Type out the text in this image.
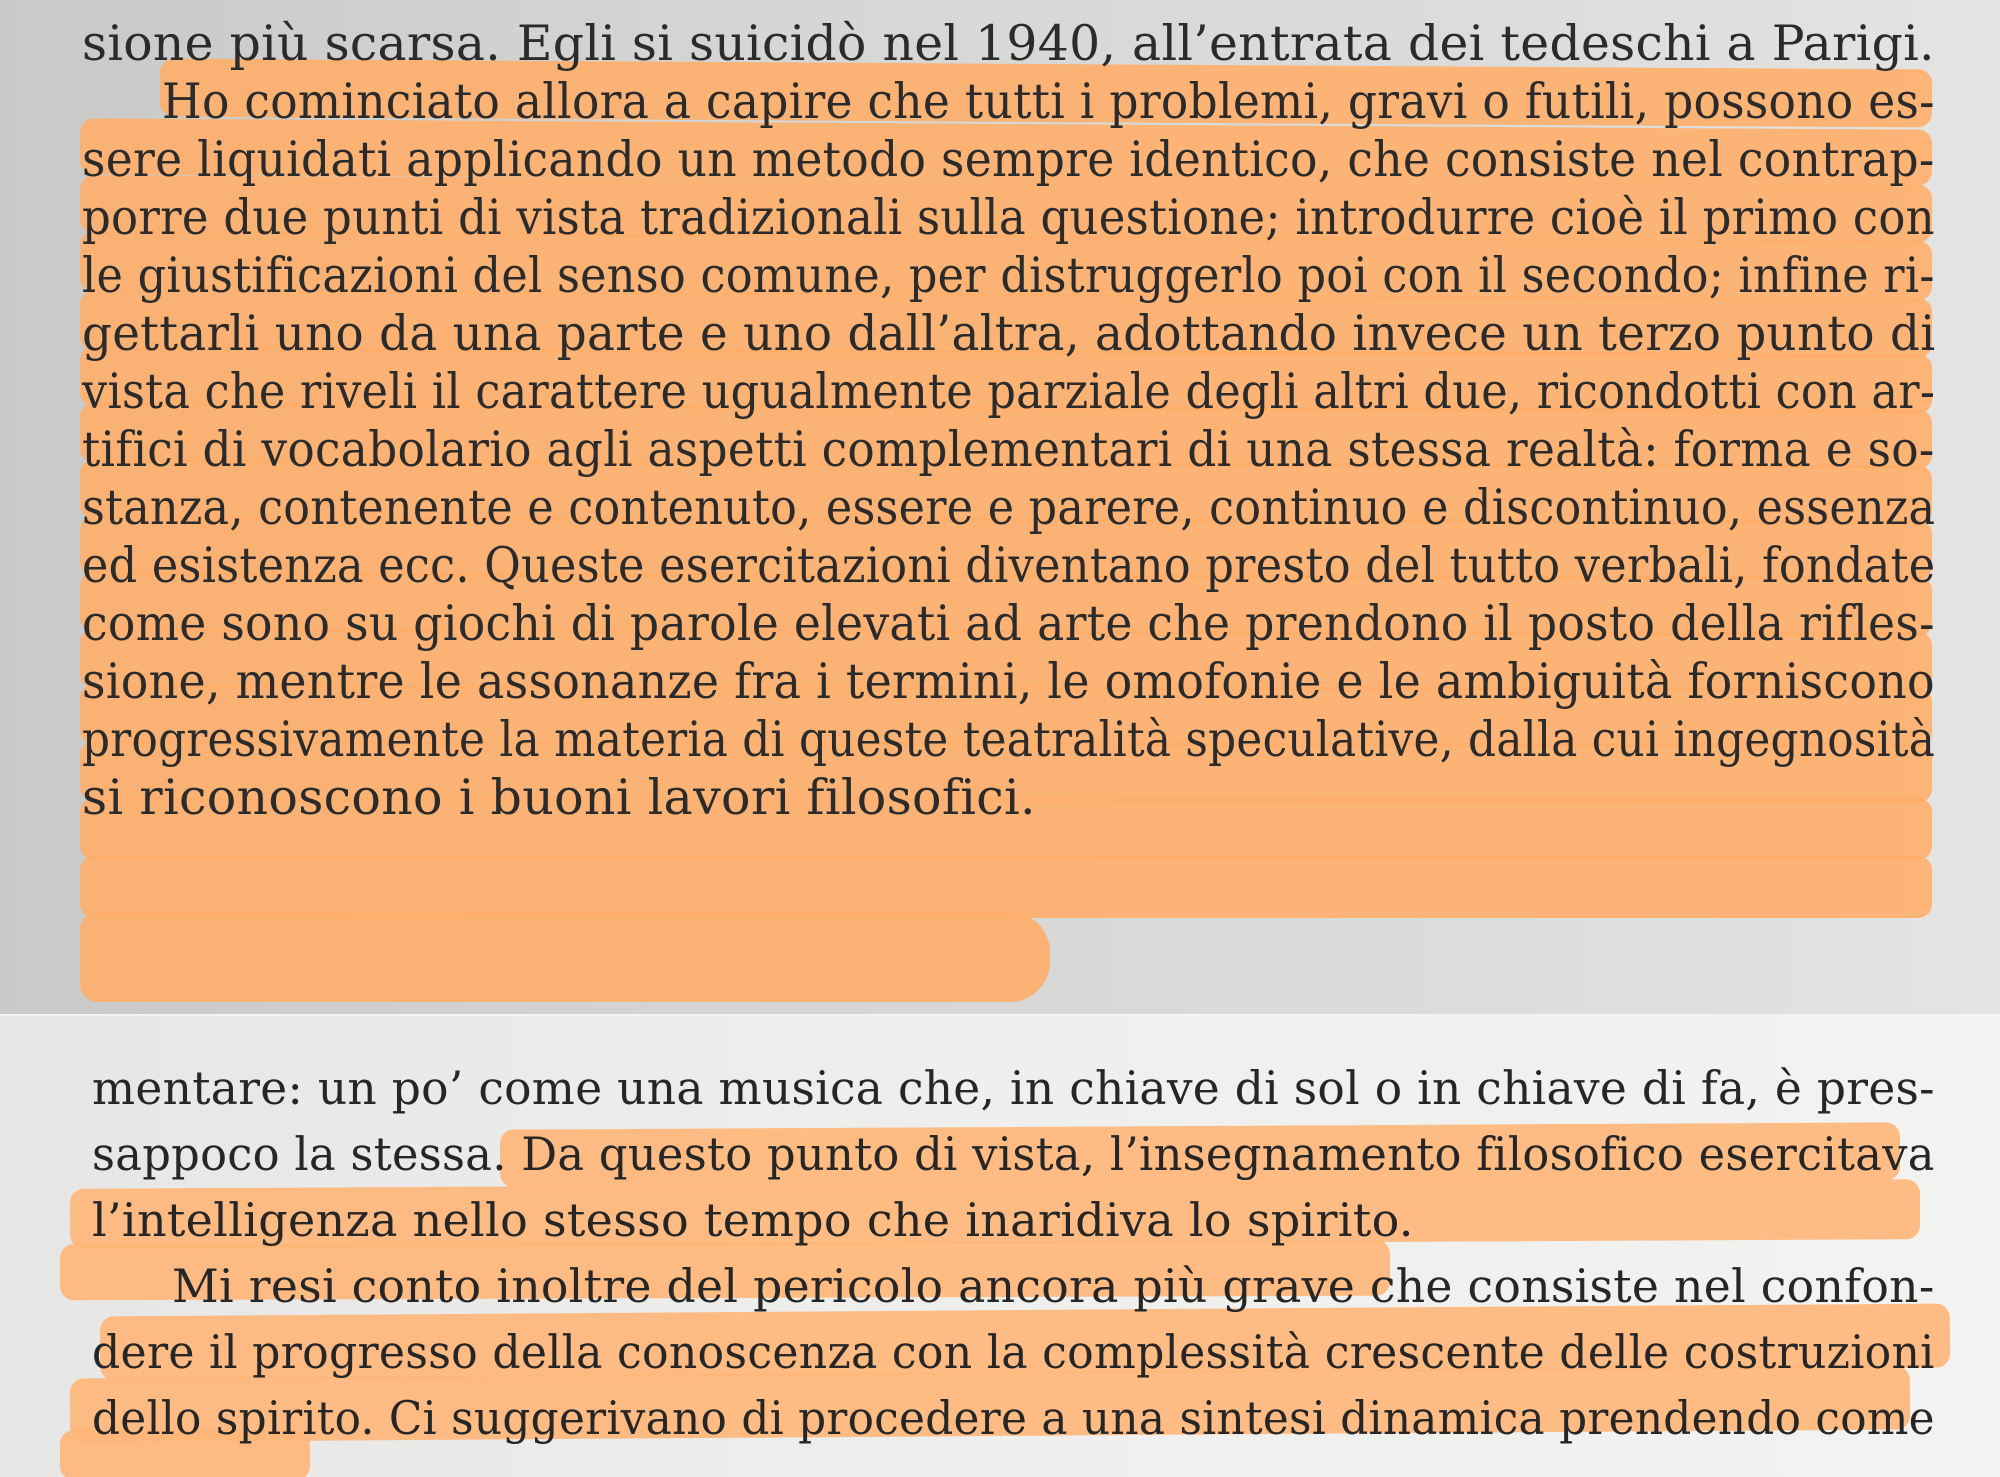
sione più scarsa. Egli si suicidò nel 1940, all’entrata dei tedeschi a Parigi.
Ho cominciato allora a capire che tutti i problemi, gravi o futili, possono es-
sere liquidati applicando un metodo sempre identico, che consiste nel contrap-
porre due punti di vista tradizionali sulla questione; introdurre cioè il primo con
le giustificazioni del senso comune, per distruggerlo poi con il secondo; infine ri-
gettarli uno da una parte e uno dall’altra, adottando invece un terzo punto di
vista che riveli il carattere ugualmente parziale degli altri due, ricondotti con ar-
tifici di vocabolario agli aspetti complementari di una stessa realtà: forma e so-
stanza, contenente e contenuto, essere e parere, continuo e discontinuo, essenza
ed esistenza ecc. Queste esercitazioni diventano presto del tutto verbali, fondate
come sono su giochi di parole elevati ad arte che prendono il posto della rifles-
sione, mentre le assonanze fra i termini, le omofonie e le ambiguità forniscono
progressivamente la materia di queste teatralità speculative, dalla cui ingegnosità
si riconoscono i buoni lavori filosofici.
mentare: un po’ come una musica che, in chiave di sol o in chiave di fa, è pres-
sappoco la stessa. Da questo punto di vista, l’insegnamento filosofico esercitava
l’intelligenza nello stesso tempo che inaridiva lo spirito.
Mi resi conto inoltre del pericolo ancora più grave che consiste nel confon-
dere il progresso della conoscenza con la complessità crescente delle costruzioni
dello spirito. Ci suggerivano di procedere a una sintesi dinamica prendendo come
